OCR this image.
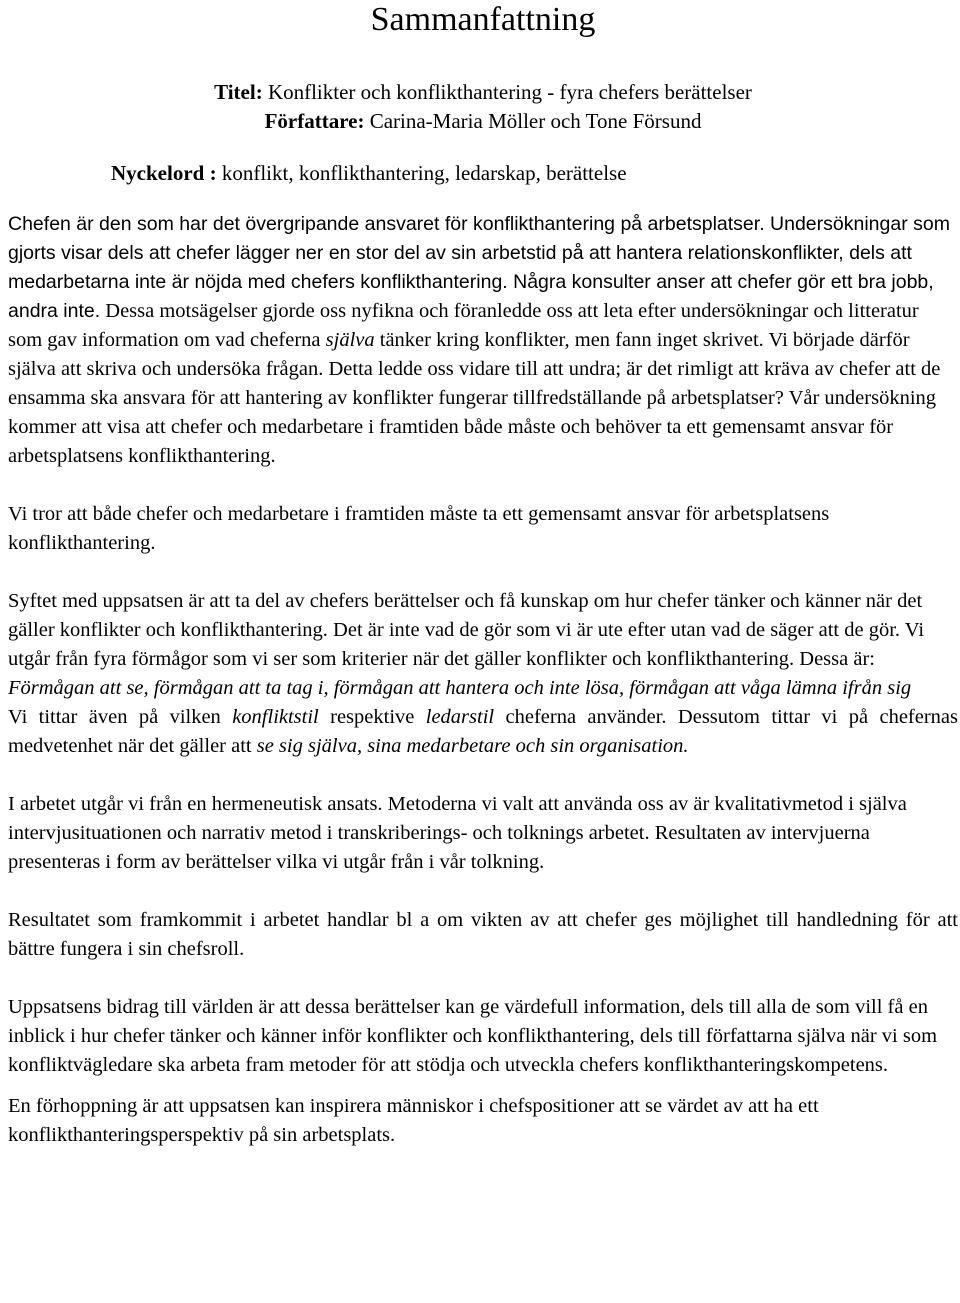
Sammanfattning
Titel: Konflikter och konflikthantering - fyra chefers berättelser
Författare: Carina-Maria Möller och Tone Försund
Nyckelord : konflikt, konflikthantering, ledarskap, berättelse

Chefen är den som har det övergripande ansvaret för konflikthantering på arbetsplatser. Undersökningar som gjorts visar dels att chefer lägger ner en stor del av sin arbetstid på att hantera relationskonflikter, dels att medarbetarna inte är nöjda med chefers konflikthantering. Några konsulter anser att chefer gör ett bra jobb, andra inte. Dessa motsägelser gjorde oss nyfikna och föranledde oss att leta efter undersökningar och litteratur som gav information om vad cheferna själva tänker kring konflikter, men fann inget skrivet. Vi började därför själva att skriva och undersöka frågan. Detta ledde oss vidare till att undra; är det rimligt att kräva av chefer att de ensamma ska ansvara för att hantering av konflikter fungerar tillfredställande på arbetsplatser? Vår undersökning kommer att visa att chefer och medarbetare i framtiden både måste och behöver ta ett gemensamt ansvar för arbetsplatsens konflikthantering.

Vi tror att både chefer och medarbetare i framtiden måste ta ett gemensamt ansvar för arbetsplatsens konflikthantering.

Syftet med uppsatsen är att ta del av chefers berättelser och få kunskap om hur chefer tänker och känner när det gäller konflikter och konflikthantering. Det är inte vad de gör som vi är ute efter utan vad de säger att de gör. Vi utgår från fyra förmågor som vi ser som kriterier när det gäller konflikter och konflikthantering. Dessa är: Förmågan att se, förmågan att ta tag i, förmågan att hantera och inte lösa, förmågan att våga lämna ifrån sig

Vi tittar även på vilken konfliktstil respektive ledarstil cheferna använder. Dessutom tittar vi på chefernas medvetenhet när det gäller att se sig själva, sina medarbetare och sin organisation.

I arbetet utgår vi från en hermeneutisk ansats. Metoderna vi valt att använda oss av är kvalitativmetod i själva intervjusituationen och narrativ metod i transkriberings- och tolknings arbetet. Resultaten av intervjuerna presenteras i form av berättelser vilka vi utgår från i vår tolkning.

Resultatet som framkommit i arbetet handlar bl a om vikten av att chefer ges möjlighet till handledning för att bättre fungera i sin chefsroll.

Uppsatsens bidrag till världen är att dessa berättelser kan ge värdefull information, dels till alla de som vill få en inblick i hur chefer tänker och känner inför konflikter och konflikthantering, dels till författarna själva när vi som konfliktvägledare ska arbeta fram metoder för att stödja och utveckla chefers konflikthanteringskompetens.

En förhoppning är att uppsatsen kan inspirera människor i chefspositioner att se värdet av att ha ett konflikthanteringsperspektiv på sin arbetsplats.
